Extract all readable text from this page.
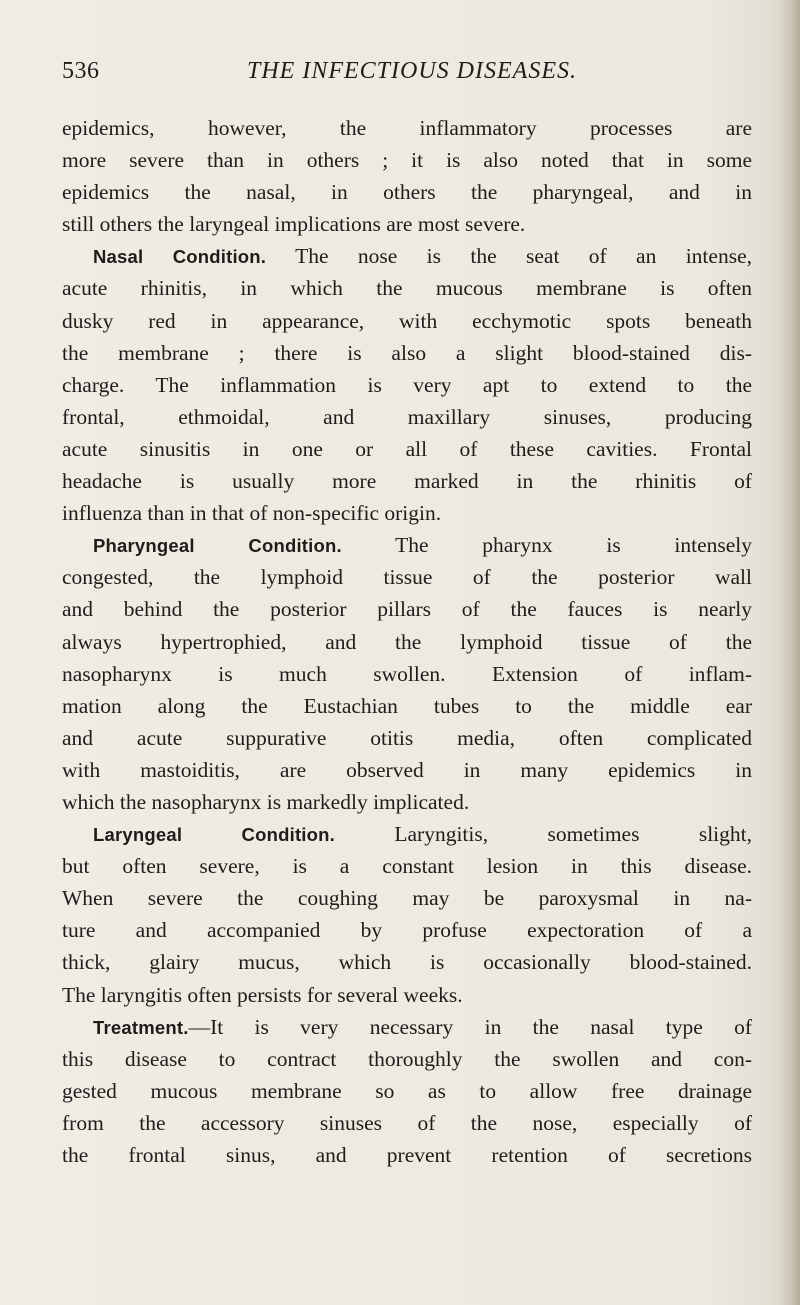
536	THE INFECTIOUS DISEASES.
epidemics, however, the inflammatory processes are
more severe than in others ; it is also noted that in some
epidemics the nasal, in others the pharyngeal, and in
still others the laryngeal implications are most severe.
Nasal Condition. The nose is the seat of an intense,
acute rhinitis, in which the mucous membrane is often
dusky red in appearance, with ecchymotic spots beneath
the membrane ; there is also a slight blood-stained dis-
charge. The inflammation is very apt to extend to the
frontal, ethmoidal, and maxillary sinuses, producing
acute sinusitis in one or all of these cavities. Frontal
headache is usually more marked in the rhinitis of
influenza than in that of non-specific origin.
Pharyngeal Condition. The pharynx is intensely
congested, the lymphoid tissue of the posterior wall
and behind the posterior pillars of the fauces is nearly
always hypertrophied, and the lymphoid tissue of the
nasopharynx is much swollen. Extension of inflam-
mation along the Eustachian tubes to the middle ear
and acute suppurative otitis media, often complicated
with mastoiditis, are observed in many epidemics in
which the nasopharynx is markedly implicated.
Laryngeal Condition. Laryngitis, sometimes slight,
but often severe, is a constant lesion in this disease.
When severe the coughing may be paroxysmal in na-
ture and accompanied by profuse expectoration of a
thick, glairy mucus, which is occasionally blood-stained.
The laryngitis often persists for several weeks.
Treatment.—It is very necessary in the nasal type of
this disease to contract thoroughly the swollen and con-
gested mucous membrane so as to allow free drainage
from the accessory sinuses of the nose, especially of
the frontal sinus, and prevent retention of secretions
